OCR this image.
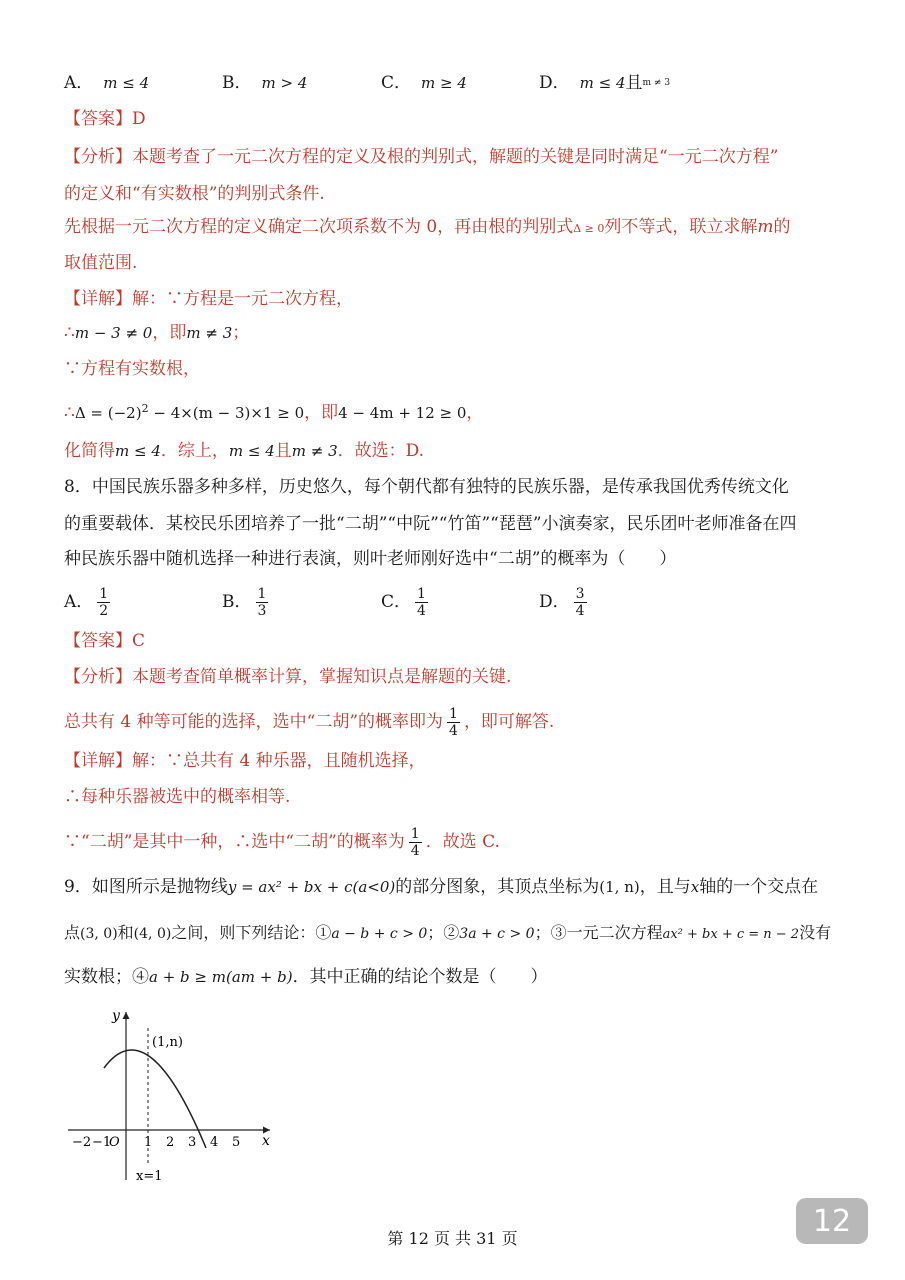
A． m ≤ 4	B． m > 4	C． m ≥ 4	D． m ≤ 4且$^{m \ne 3}$
【答案】D
【分析】本题考查了一元二次方程的定义及根的判别式，解题的关键是同时满足“一元二次方程”
的定义和“有实数根”的判别式条件.
先根据一元二次方程的定义确定二次项系数不为 0，再由根的判别式Δ ≥ 0列不等式，联立求解m的
取值范围.
【详解】解：∵方程是一元二次方程，
∴m − 3 ≠ 0，即m ≠ 3；
∵方程有实数根，
∴Δ = $(-2)^2 - 4\times(m - 3)\times 1 \ge 0$，即4 − 4m + 12 ≥ 0，
化简得m ≤ 4．综上，m ≤ 4且m ≠ 3．故选：D.
8．中国民族乐器多种多样，历史悠久，每个朝代都有独特的民族乐器，是传承我国优秀传统文化
的重要载体．某校民乐团培养了一批“二胡”“中阮”“竹笛”“琵琶”小演奏家，民乐团叶老师准备在四
种民族乐器中随机选择一种进行表演，则叶老师刚好选中“二胡”的概率为（　　）
A． $\frac{1}{2}$	B． $\frac{1}{3}$	C． $\frac{1}{4}$	D． $\frac{3}{4}$
【答案】C
【分析】本题考查简单概率计算，掌握知识点是解题的关键.
总共有 4 种等可能的选择，选中“二胡”的概率即为 $\frac{1}{4}$ ，即可解答.
【详解】解：∵总共有 4 种乐器，且随机选择，
∴每种乐器被选中的概率相等.
∵“二胡”是其中一种，∴选中“二胡”的概率为 $\frac{1}{4}$ ．故选 C.
9．如图所示是抛物线y = ax² + bx + c(a<0)的部分图象，其顶点坐标为(1, n)，且与x轴的一个交点在
点(3, 0)和(4, 0)之间，则下列结论：①a − b + c > 0；②3a + c > 0；③一元二次方程ax² + bx + c = n − 2没有
实数根；④a + b ≥ m(am + b)．其中正确的结论个数是（　　）
y
x
O
(1,n)
x=1
−2 −1	1 2 3 4 5
第 12 页 共 31 页	12
